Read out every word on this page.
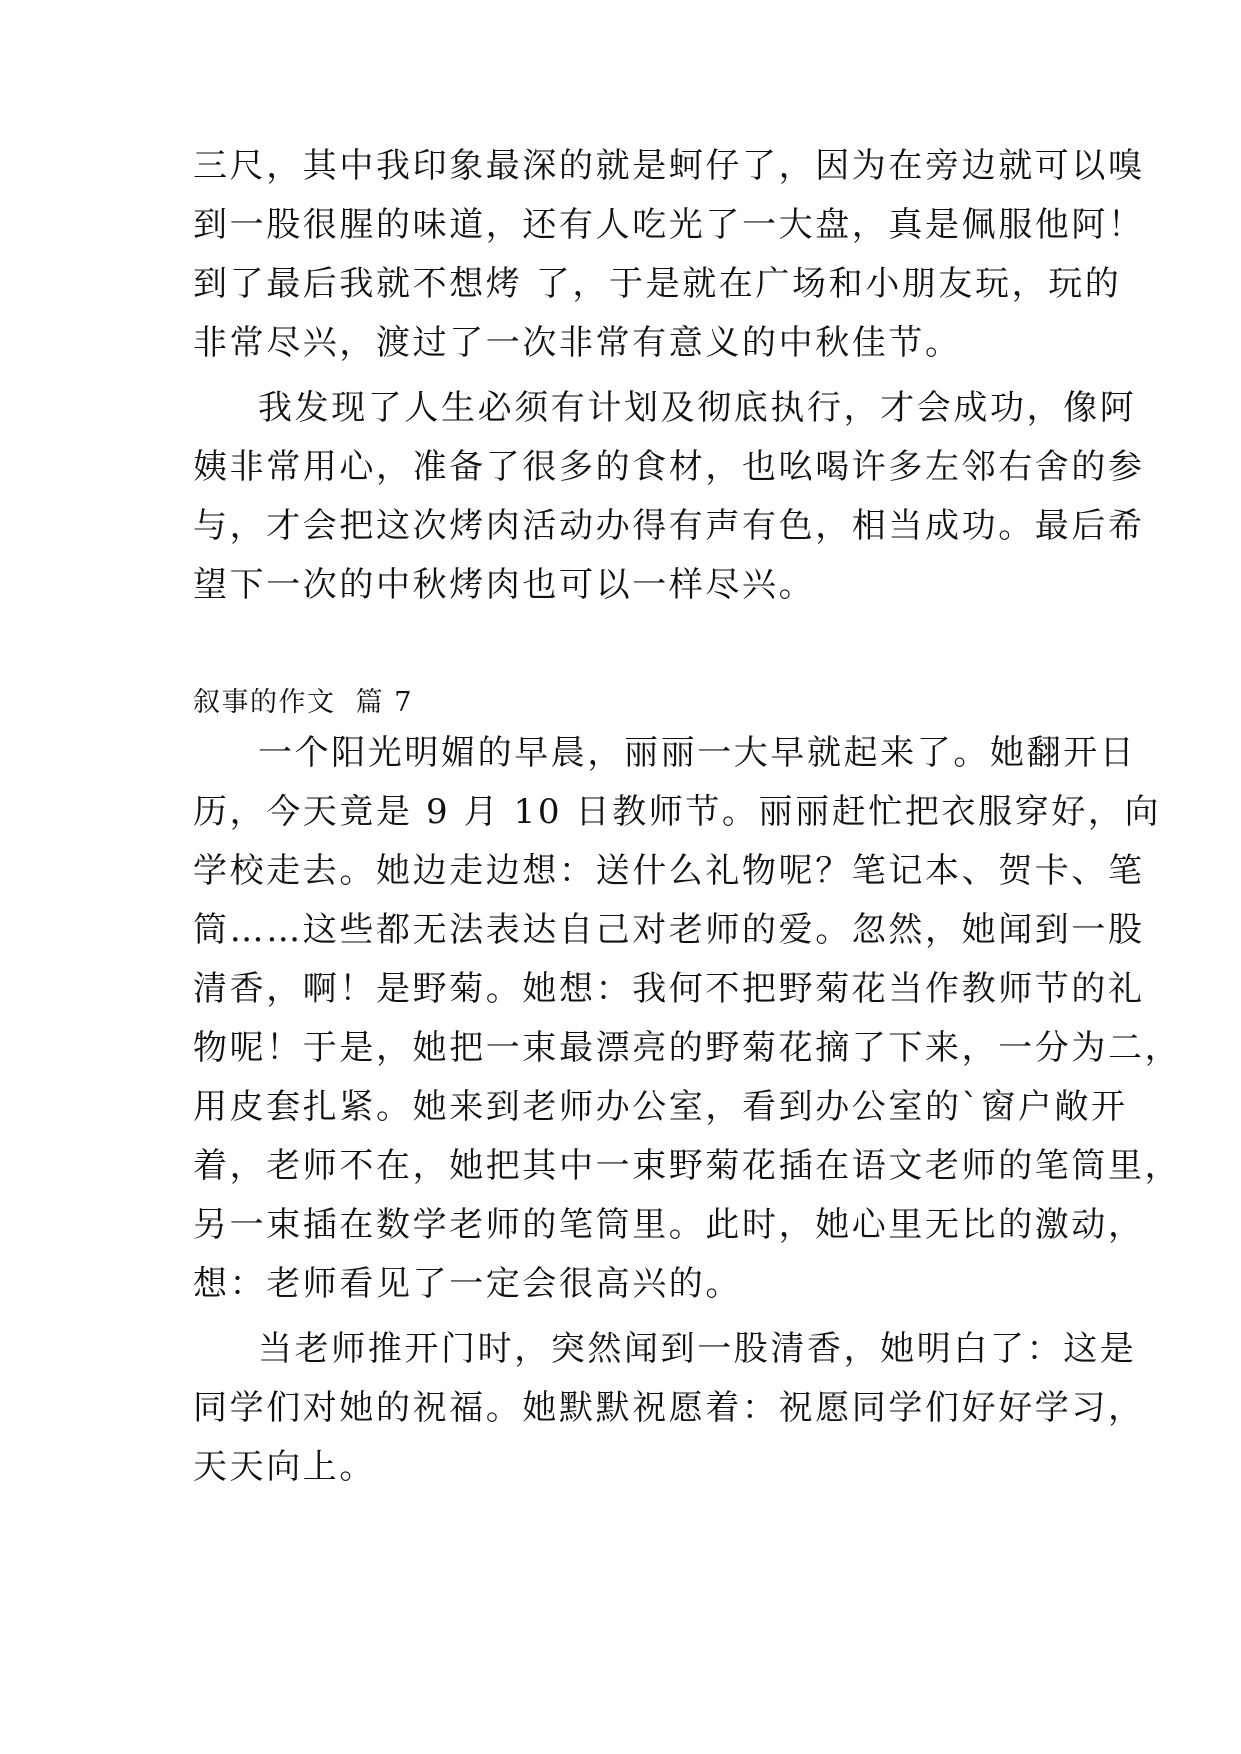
三尺，其中我印象最深的就是蚵仔了，因为在旁边就可以嗅
到一股很腥的味道，还有人吃光了一大盘，真是佩服他阿！
到了最后我就不想烤 了，于是就在广场和小朋友玩，玩的
非常尽兴，渡过了一次非常有意义的中秋佳节。
我发现了人生必须有计划及彻底执行，才会成功，像阿
姨非常用心，准备了很多的食材，也吆喝许多左邻右舍的参
与，才会把这次烤肉活动办得有声有色，相当成功。最后希
望下一次的中秋烤肉也可以一样尽兴。
叙事的作文  篇 7
一个阳光明媚的早晨，丽丽一大早就起来了。她翻开日
历，今天竟是 9 月 10 日教师节。丽丽赶忙把衣服穿好，向
学校走去。她边走边想：送什么礼物呢？笔记本、贺卡、笔
筒……这些都无法表达自己对老师的爱。忽然，她闻到一股
清香，啊！是野菊。她想：我何不把野菊花当作教师节的礼
物呢！于是，她把一束最漂亮的野菊花摘了下来，一分为二，
用皮套扎紧。她来到老师办公室，看到办公室的`窗户敞开
着，老师不在，她把其中一束野菊花插在语文老师的笔筒里，
另一束插在数学老师的笔筒里。此时，她心里无比的激动，
想：老师看见了一定会很高兴的。
当老师推开门时，突然闻到一股清香，她明白了：这是
同学们对她的祝福。她默默祝愿着：祝愿同学们好好学习，
天天向上。
